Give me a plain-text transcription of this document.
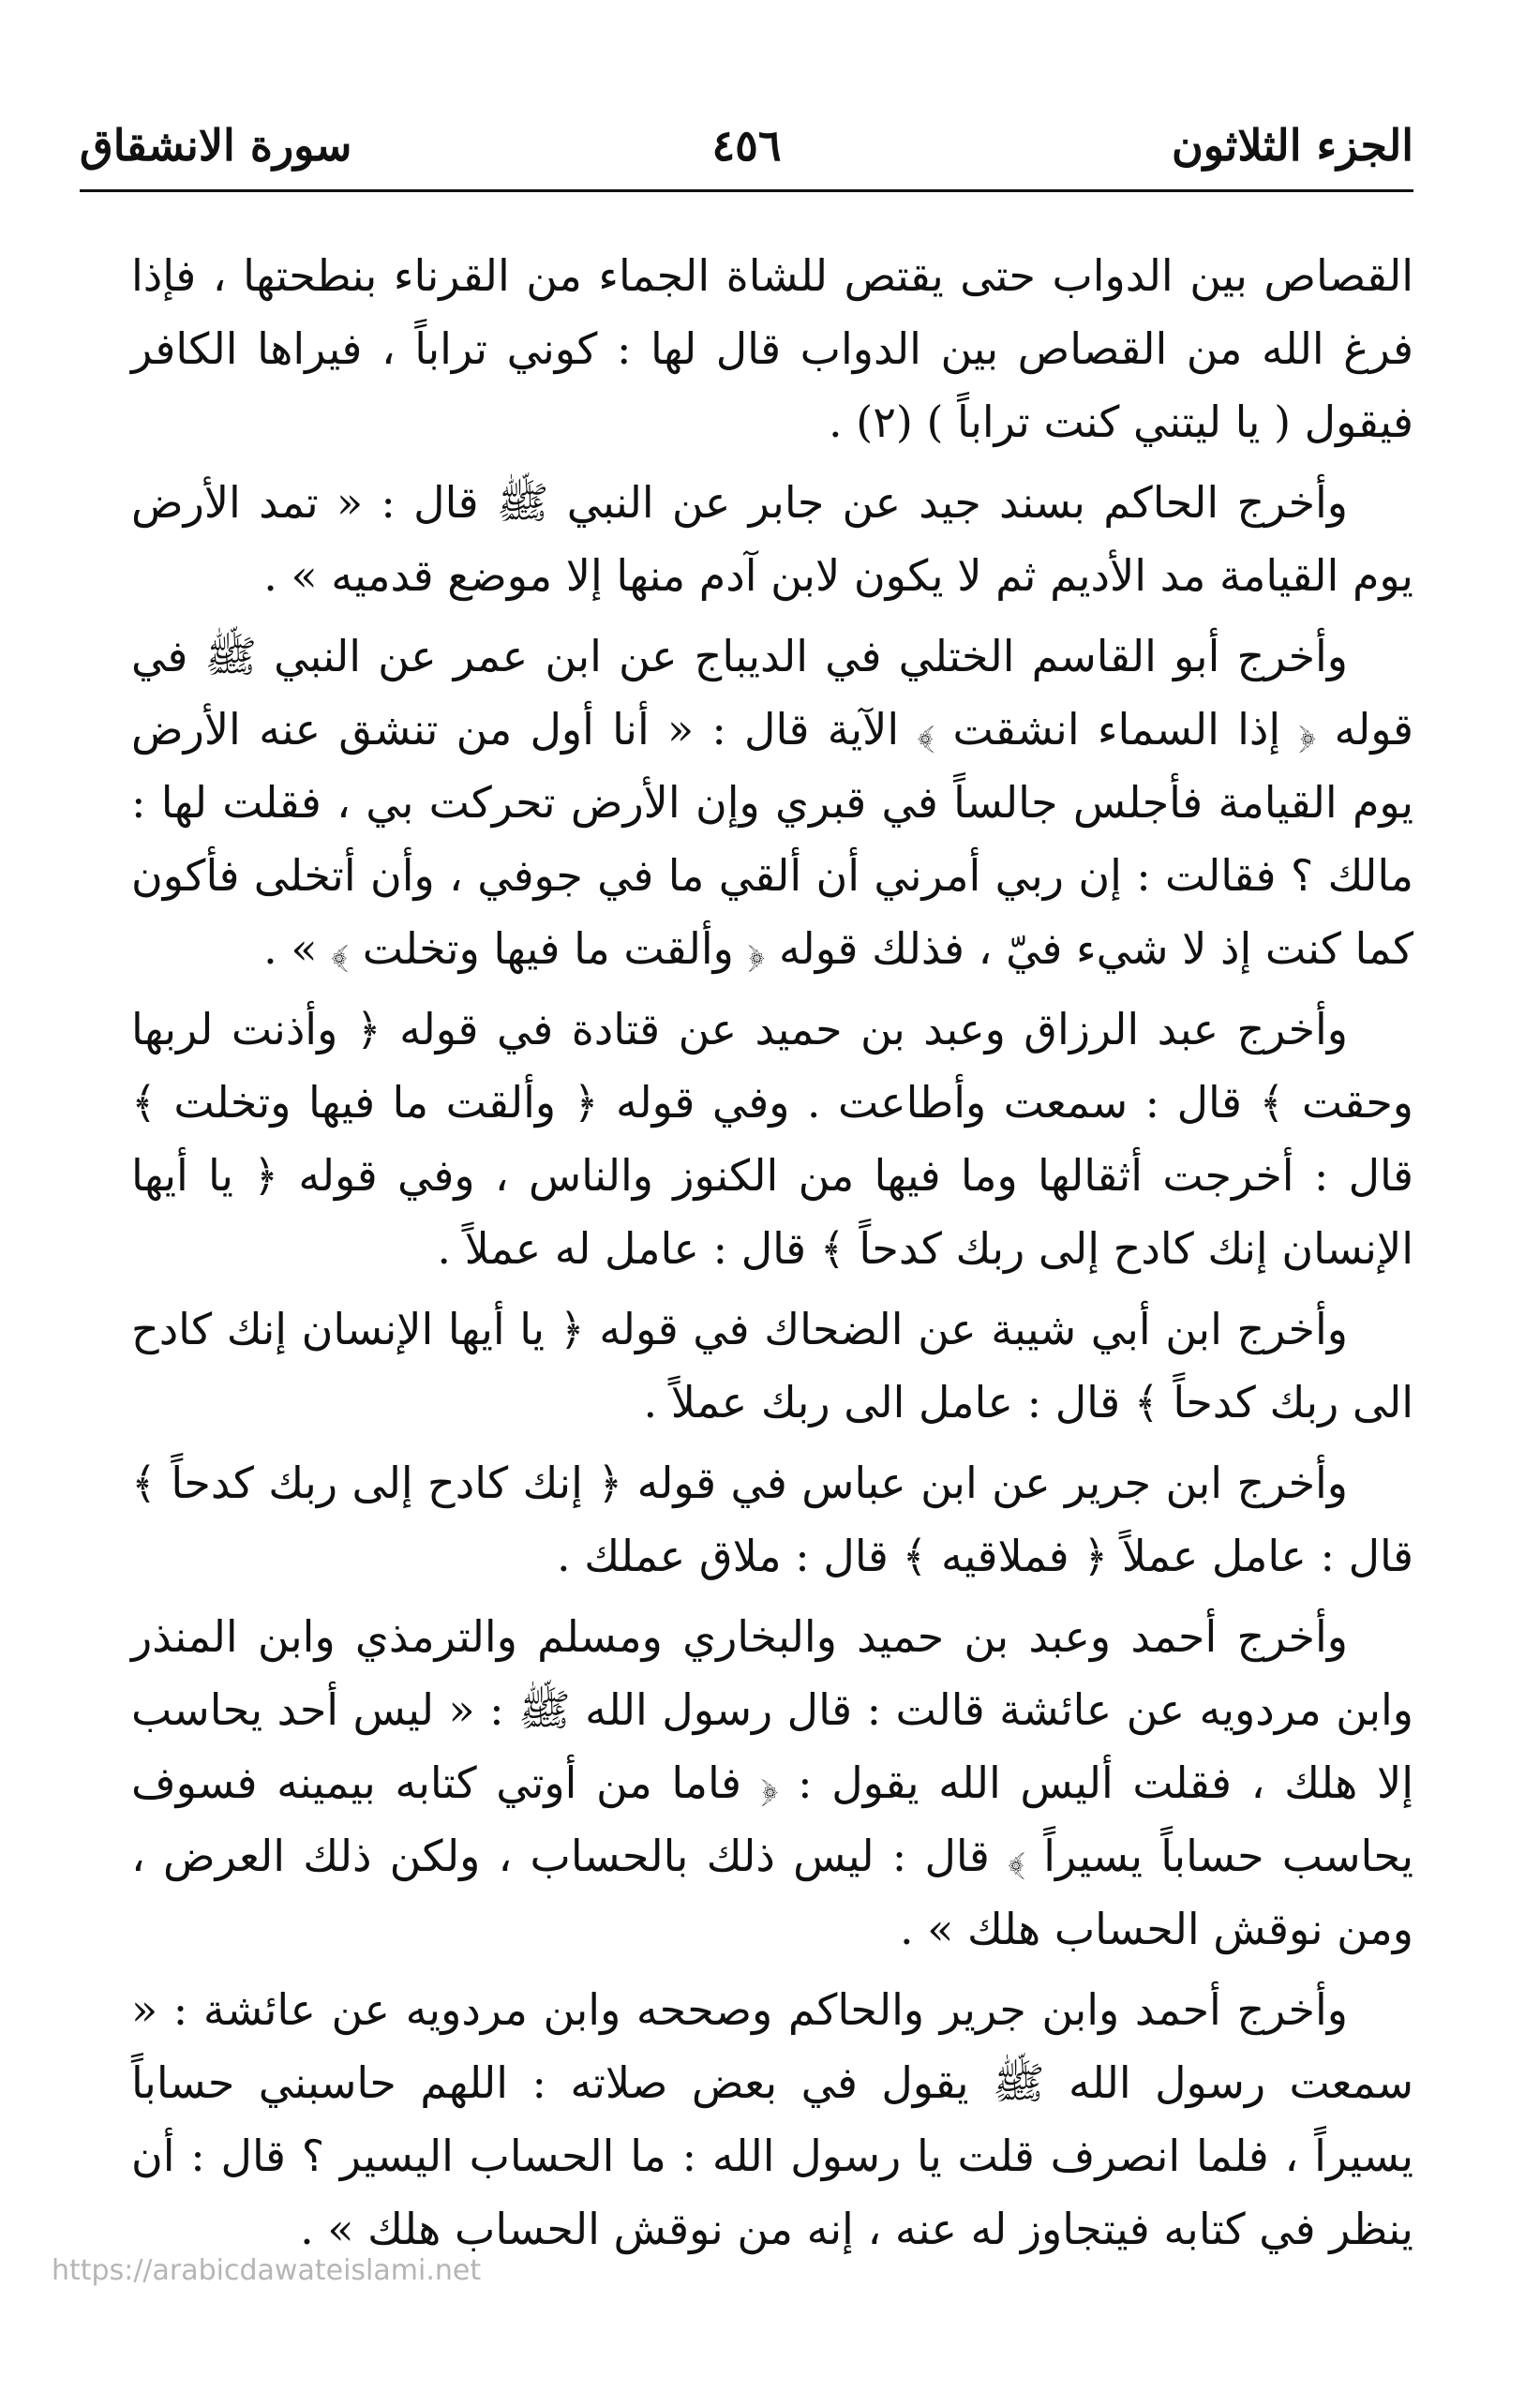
الجزء الثلاثون
٤٥٦
سورة الانشقاق

القصاص بين الدواب حتى يقتص للشاة الجماء من القرناء بنطحتها ، فإذا فرغ الله من القصاص بين الدواب قال لها : كوني تراباً ، فيراها الكافر فيقول ( يا ليتني كنت تراباً ) (٢) .

وأخرج الحاكم بسند جيد عن جابر عن النبي ﷺ قال : « تمد الأرض يوم القيامة مد الأديم ثم لا يكون لابن آدم منها إلا موضع قدميه » .

وأخرج أبو القاسم الختلي في الديباج عن ابن عمر عن النبي ﷺ في قوله ﴿ إذا السماء انشقت ﴾ الآية قال : « أنا أول من تنشق عنه الأرض يوم القيامة فأجلس جالساً في قبري وإن الأرض تحركت بي ، فقلت لها : مالك ؟ فقالت : إن ربي أمرني أن ألقي ما في جوفي ، وأن أتخلى فأكون كما كنت إذ لا شيء فيّ ، فذلك قوله ﴿ وألقت ما فيها وتخلت ﴾ » .

وأخرج عبد الرزاق وعبد بن حميد عن قتادة في قوله ﴿ وأذنت لربها وحقت ﴾ قال : سمعت وأطاعت . وفي قوله ﴿ وألقت ما فيها وتخلت ﴾ قال : أخرجت أثقالها وما فيها من الكنوز والناس ، وفي قوله ﴿ يا أيها الإنسان إنك كادح إلى ربك كدحاً ﴾ قال : عامل له عملاً .

وأخرج ابن أبي شيبة عن الضحاك في قوله ﴿ يا أيها الإنسان إنك كادح الى ربك كدحاً ﴾ قال : عامل الى ربك عملاً .

وأخرج ابن جرير عن ابن عباس في قوله ﴿ إنك كادح إلى ربك كدحاً ﴾ قال : عامل عملاً ﴿ فملاقيه ﴾ قال : ملاق عملك .

وأخرج أحمد وعبد بن حميد والبخاري ومسلم والترمذي وابن المنذر وابن مردويه عن عائشة قالت : قال رسول الله ﷺ : « ليس أحد يحاسب إلا هلك ، فقلت أليس الله يقول : ﴿ فاما من أوتي كتابه بيمينه فسوف يحاسب حساباً يسيراً ﴾ قال : ليس ذلك بالحساب ، ولكن ذلك العرض ، ومن نوقش الحساب هلك » .

وأخرج أحمد وابن جرير والحاكم وصححه وابن مردويه عن عائشة : « سمعت رسول الله ﷺ يقول في بعض صلاته : اللهم حاسبني حساباً يسيراً ، فلما انصرف قلت يا رسول الله : ما الحساب اليسير ؟ قال : أن ينظر في كتابه فيتجاوز له عنه ، إنه من نوقش الحساب هلك » .

https://arabicdawateislami.net
